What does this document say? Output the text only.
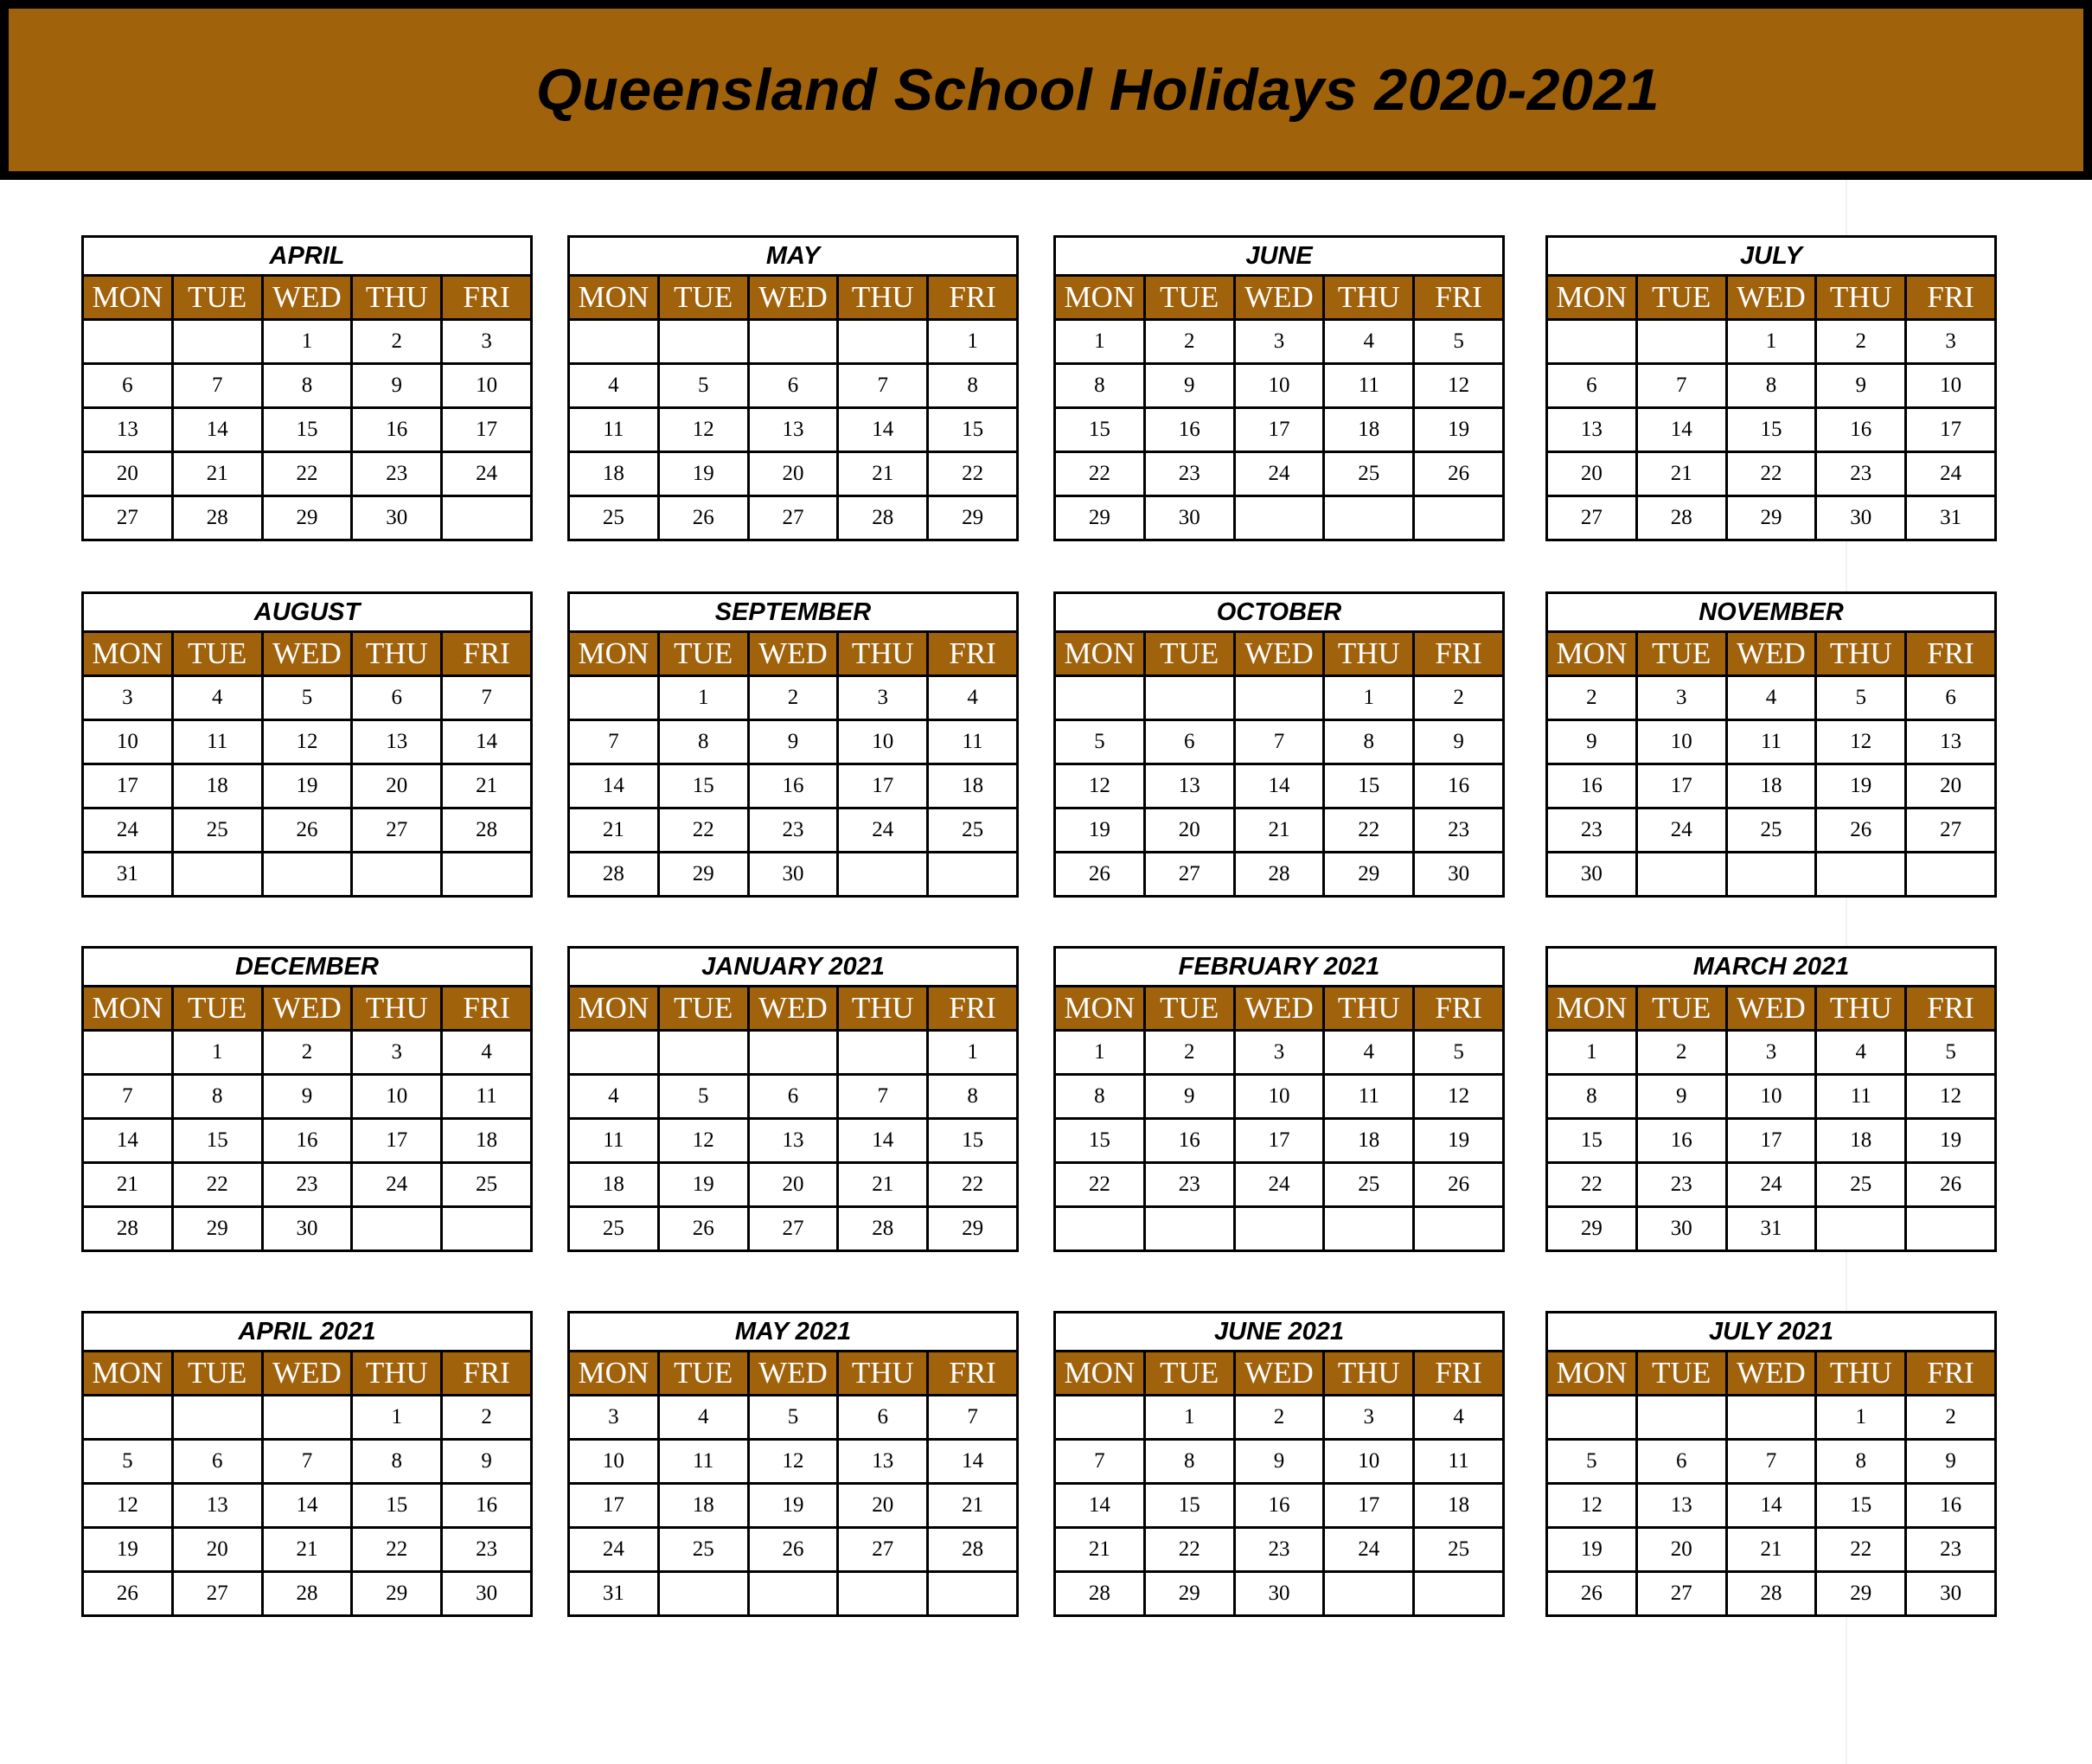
Queensland School Holidays 2020-2021
APRIL				
MON	TUE	WED	THU	FRI
		1	2	3
6	7	8	9	10
13	14	15	16	17
20	21	22	23	24
27	28	29	30	
MAY				
MON	TUE	WED	THU	FRI
				1
4	5	6	7	8
11	12	13	14	15
18	19	20	21	22
25	26	27	28	29
JUNE				
MON	TUE	WED	THU	FRI
1	2	3	4	5
8	9	10	11	12
15	16	17	18	19
22	23	24	25	26
29	30			
JULY				
MON	TUE	WED	THU	FRI
		1	2	3
6	7	8	9	10
13	14	15	16	17
20	21	22	23	24
27	28	29	30	31
AUGUST				
MON	TUE	WED	THU	FRI
3	4	5	6	7
10	11	12	13	14
17	18	19	20	21
24	25	26	27	28
31				
SEPTEMBER				
MON	TUE	WED	THU	FRI
	1	2	3	4
7	8	9	10	11
14	15	16	17	18
21	22	23	24	25
28	29	30		
OCTOBER				
MON	TUE	WED	THU	FRI
			1	2
5	6	7	8	9
12	13	14	15	16
19	20	21	22	23
26	27	28	29	30
NOVEMBER				
MON	TUE	WED	THU	FRI
2	3	4	5	6
9	10	11	12	13
16	17	18	19	20
23	24	25	26	27
30				
DECEMBER				
MON	TUE	WED	THU	FRI
	1	2	3	4
7	8	9	10	11
14	15	16	17	18
21	22	23	24	25
28	29	30		
JANUARY 2021				
MON	TUE	WED	THU	FRI
				1
4	5	6	7	8
11	12	13	14	15
18	19	20	21	22
25	26	27	28	29
FEBRUARY 2021				
MON	TUE	WED	THU	FRI
1	2	3	4	5
8	9	10	11	12
15	16	17	18	19
22	23	24	25	26

MARCH 2021				
MON	TUE	WED	THU	FRI
1	2	3	4	5
8	9	10	11	12
15	16	17	18	19
22	23	24	25	26
29	30	31		
APRIL 2021				
MON	TUE	WED	THU	FRI
			1	2
5	6	7	8	9
12	13	14	15	16
19	20	21	22	23
26	27	28	29	30
MAY 2021				
MON	TUE	WED	THU	FRI
3	4	5	6	7
10	11	12	13	14
17	18	19	20	21
24	25	26	27	28
31				
JUNE 2021				
MON	TUE	WED	THU	FRI
	1	2	3	4
7	8	9	10	11
14	15	16	17	18
21	22	23	24	25
28	29	30		
JULY 2021				
MON	TUE	WED	THU	FRI
			1	2
5	6	7	8	9
12	13	14	15	16
19	20	21	22	23
26	27	28	29	30
